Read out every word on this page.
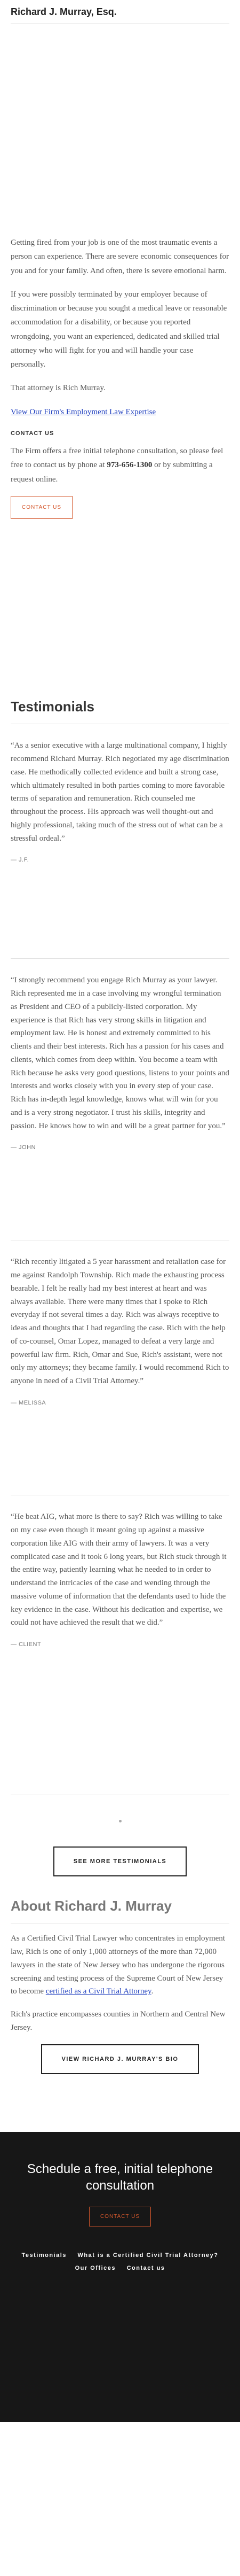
Richard J. Murray, Esq.

Getting fired from your job is one of the most traumatic events a person can experience. There are severe economic consequences for you and for your family. And often, there is severe emotional harm.

If you were possibly terminated by your employer because of discrimination or because you sought a medical leave or reasonable accommodation for a disability, or because you reported wrongdoing, you want an experienced, dedicated and skilled trial attorney who will fight for you and will handle your case personally.

That attorney is Rich Murray.

View Our Firm's Employment Law Expertise

CONTACT US

The Firm offers a free initial telephone consultation, so please feel free to contact us by phone at 973-656-1300 or by submitting a request online.

CONTACT US
Testimonials

“As a senior executive with a large multinational company, I highly recommend Richard Murray. Rich negotiated my age discrimination case. He methodically collected evidence and built a strong case, which ultimately resulted in both parties coming to more favorable terms of separation and remuneration. Rich counseled me throughout the process. His approach was well thought-out and highly professional, taking much of the stress out of what can be a stressful ordeal.”

— J.F.

“I strongly recommend you engage Rich Murray as your lawyer. Rich represented me in a case involving my wrongful termination as President and CEO of a publicly-listed corporation. My experience is that Rich has very strong skills in litigation and employment law. He is honest and extremely committed to his clients and their best interests. Rich has a passion for his cases and clients, which comes from deep within. You become a team with Rich because he asks very good questions, listens to your points and interests and works closely with you in every step of your case. Rich has in-depth legal knowledge, knows what will win for you and is a very strong negotiator. I trust his skills, integrity and passion. He knows how to win and will be a great partner for you.”

— JOHN

“Rich recently litigated a 5 year harassment and retaliation case for me against Randolph Township. Rich made the exhausting process bearable. I felt he really had my best interest at heart and was always available. There were many times that I spoke to Rich everyday if not several times a day. Rich was always receptive to ideas and thoughts that I had regarding the case. Rich with the help of co-counsel, Omar Lopez, managed to defeat a very large and powerful law firm. Rich, Omar and Sue, Rich's assistant, were not only my attorneys; they became family. I would recommend Rich to anyone in need of a Civil Trial Attorney.”

— MELISSA

“He beat AIG, what more is there to say? Rich was willing to take on my case even though it meant going up against a massive corporation like AIG with their army of lawyers. It was a very complicated case and it took 6 long years, but Rich stuck through it the entire way, patiently learning what he needed to in order to understand the intricacies of the case and wending through the massive volume of information that the defendants used to hide the key evidence in the case. Without his dedication and expertise, we could not have achieved the result that we did.”

— CLIENT
SEE MORE TESTIMONIALS
About Richard J. Murray

As a Certified Civil Trial Lawyer who concentrates in employment law, Rich is one of only 1,000 attorneys of the more than 72,000 lawyers in the state of New Jersey who has undergone the rigorous screening and testing process of the Supreme Court of New Jersey to become certified as a Civil Trial Attorney.

Rich's practice encompasses counties in Northern and Central New Jersey.

VIEW RICHARD J. MURRAY'S BIO
Schedule a free, initial telephone consultation
CONTACT US
Testimonials What is a Certified Civil Trial Attorney?
Our Offices Contact us
